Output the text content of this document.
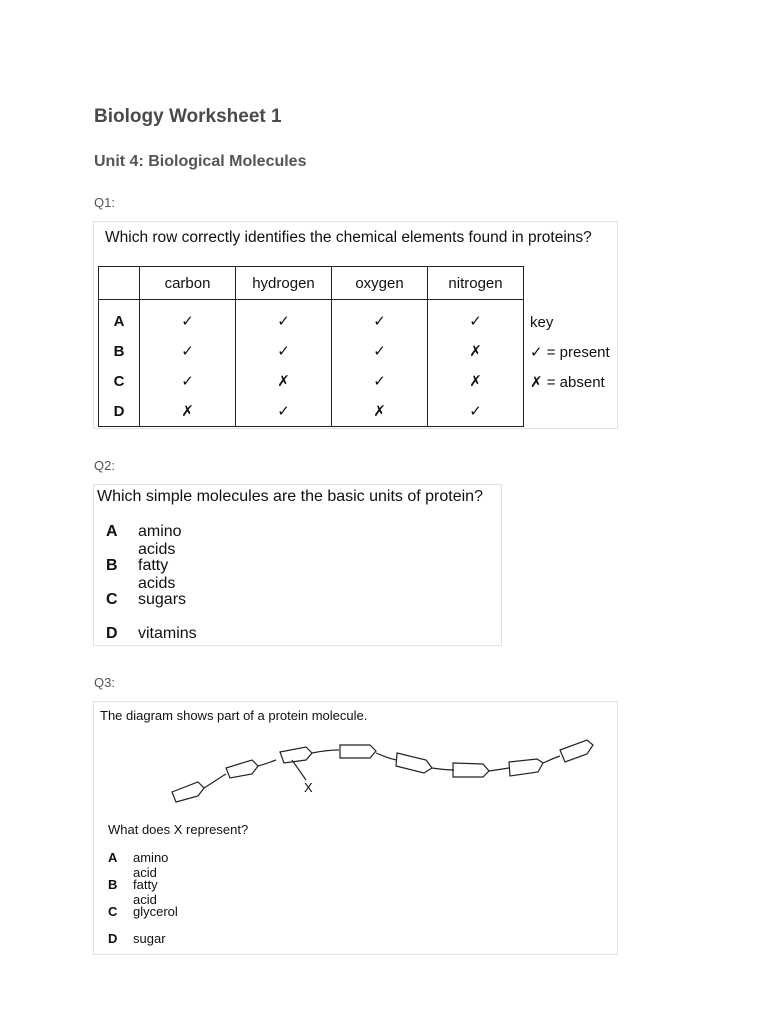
Biology Worksheet 1
Unit 4: Biological Molecules
Q1:
Which row correctly identifies the chemical elements found in proteins?
	carbon	hydrogen	oxygen	nitrogen
A	✓	✓	✓	✓
B	✓	✓	✓	✗
C	✓	✗	✓	✗
D	✗	✓	✗	✓
key
✓ = present
✗ = absent
Q2:
Which simple molecules are the basic units of protein?
A amino acids
B fatty acids
C sugars
D vitamins
Q3:
The diagram shows part of a protein molecule.
X
What does X represent?
A amino acid
B fatty acid
C glycerol
D sugar
